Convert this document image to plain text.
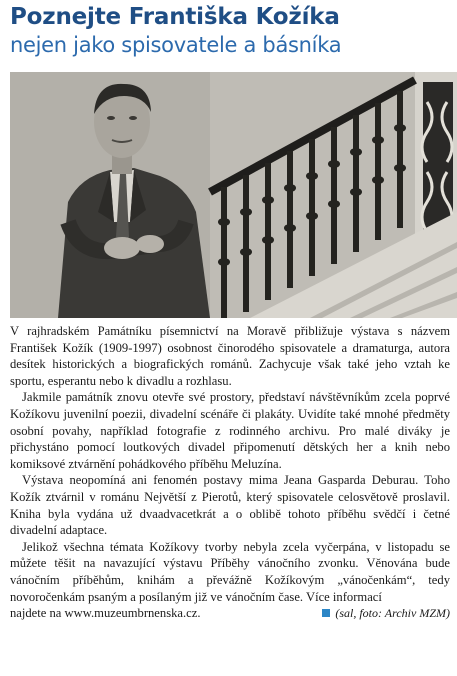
Poznejte Františka Kožíka
nejen jako spisovatele a básníka

V rajhradském Památníku písemnictví na Moravě přibližuje výstava s názvem František Kožík (1909-1997) osobnost činorodého spisovatele a dramaturga, autora desítek historických a biografických románů. Zachycuje však také jeho vztah ke sportu, esperantu nebo k divadlu a rozhlasu.

Jakmile památník znovu otevře své prostory, představí návštěvníkům zcela poprvé Kožíkovu juvenilní poezii, divadelní scénáře či plakáty. Uvidíte také mnohé předměty osobní povahy, například fotografie z rodinného archivu. Pro malé diváky je přichystáno pomocí loutkových divadel připomenutí dětských her a knih nebo komiksové ztvárnění pohádkového příběhu Meluzína.

Výstava neopomíná ani fenomén postavy mima Jeana Gasparda Deburau. Toho Kožík ztvárnil v románu Největší z Pierotů, který spisovatele celosvětově proslavil. Kniha byla vydána už dvaadvacetkrát a o oblibě tohoto příběhu svědčí i četné divadelní adaptace.

Jelikož všechna témata Kožíkovy tvorby nebyla zcela vyčerpána, v listopadu se můžete těšit na navazující výstavu Příběhy vánočního zvonku. Věnována bude vánočním příběhům, knihám a převážně Kožíkovým „vánočenkám“, tedy novoročenkám psaným a posílaným již ve vánočním čase. Více informací

najdete na www.muzeumbrnenska.cz.	(sal, foto: Archiv MZM)
